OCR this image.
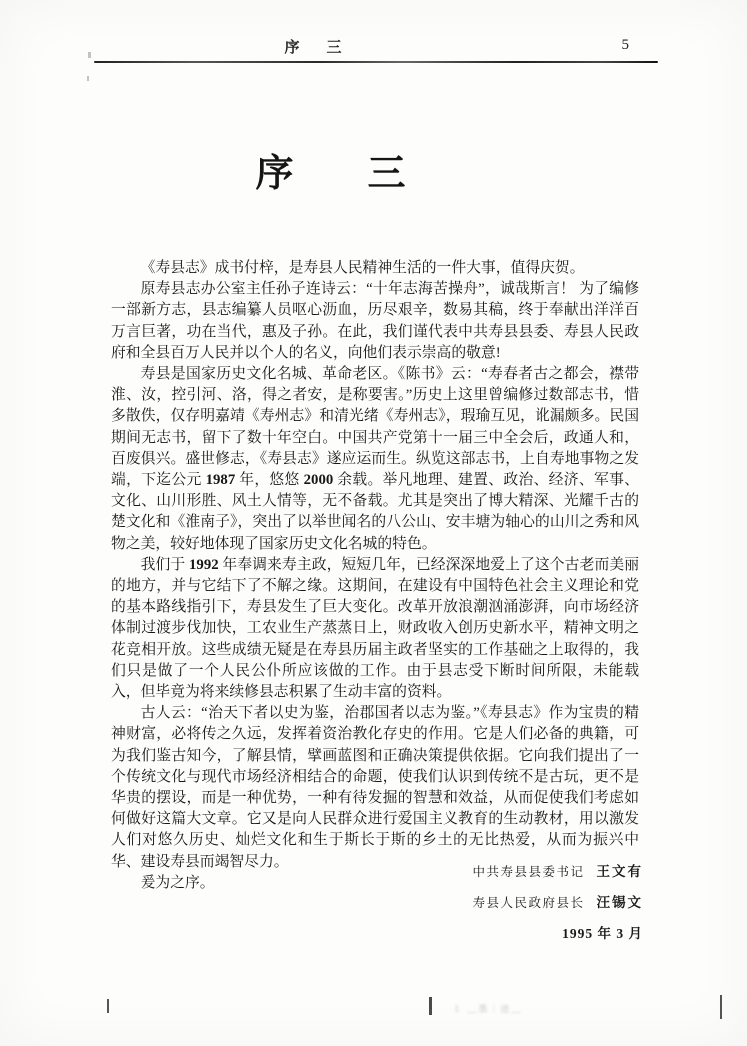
序　三	5
序　三

《寿县志》成书付梓，是寿县人民精神生活的一件大事，值得庆贺。

原寿县志办公室主任孙子连诗云：“十年志海苦操舟”，诚哉斯言！ 为了编修一部新方志，县志编纂人员呕心沥血，历尽艰辛，数易其稿，终于奉献出洋洋百万言巨著，功在当代，惠及子孙。在此，我们谨代表中共寿县县委、寿县人民政府和全县百万人民并以个人的名义，向他们表示崇高的敬意!

寿县是国家历史文化名城、革命老区。《陈书》云：“寿春者古之都会，襟带淮、汝，控引河、洛，得之者安，是称要害。”历史上这里曾编修过数部志书，惜多散佚，仅存明嘉靖《寿州志》和清光绪《寿州志》，瑕瑜互见，讹漏颇多。民国期间无志书，留下了数十年空白。中国共产党第十一届三中全会后，政通人和，百废俱兴。盛世修志，《寿县志》遂应运而生。纵览这部志书，上自寿地事物之发端，下迄公元 1987 年，悠悠 2000 余载。举凡地理、建置、政治、经济、军事、文化、山川形胜、风土人情等，无不备载。尤其是突出了博大精深、光耀千古的楚文化和《淮南子》，突出了以举世闻名的八公山、安丰塘为轴心的山川之秀和风物之美，较好地体现了国家历史文化名城的特色。

我们于 1992 年奉调来寿主政，短短几年，已经深深地爱上了这个古老而美丽的地方，并与它结下了不解之缘。这期间，在建设有中国特色社会主义理论和党的基本路线指引下，寿县发生了巨大变化。改革开放浪潮汹涌澎湃，向市场经济体制过渡步伐加快，工农业生产蒸蒸日上，财政收入创历史新水平，精神文明之花竞相开放。这些成绩无疑是在寿县历届主政者坚实的工作基础之上取得的，我们只是做了一个人民公仆所应该做的工作。由于县志受下断时间所限，未能载入，但毕竟为将来续修县志积累了生动丰富的资料。

古人云：“治天下者以史为鉴，治郡国者以志为鉴。”《寿县志》作为宝贵的精神财富，必将传之久远，发挥着资治教化存史的作用。它是人们必备的典籍，可为我们鉴古知今，了解县情，擘画蓝图和正确决策提供依据。它向我们提出了一个传统文化与现代市场经济相结合的命题，使我们认识到传统不是古玩，更不是华贵的摆设，而是一种优势，一种有待发掘的智慧和效益，从而促使我们考虑如何做好这篇大文章。它又是向人民群众进行爱国主义教育的生动教材，用以激发人们对悠久历史、灿烂文化和生于斯长于斯的乡土的无比热爱，从而为振兴中华、建设寿县而竭智尽力。

爰为之序。

中共寿县县委书记 王文有

寿县人民政府县长 汪锡文

1995 年 3 月

〻 ﹏墨︙迹﹏
